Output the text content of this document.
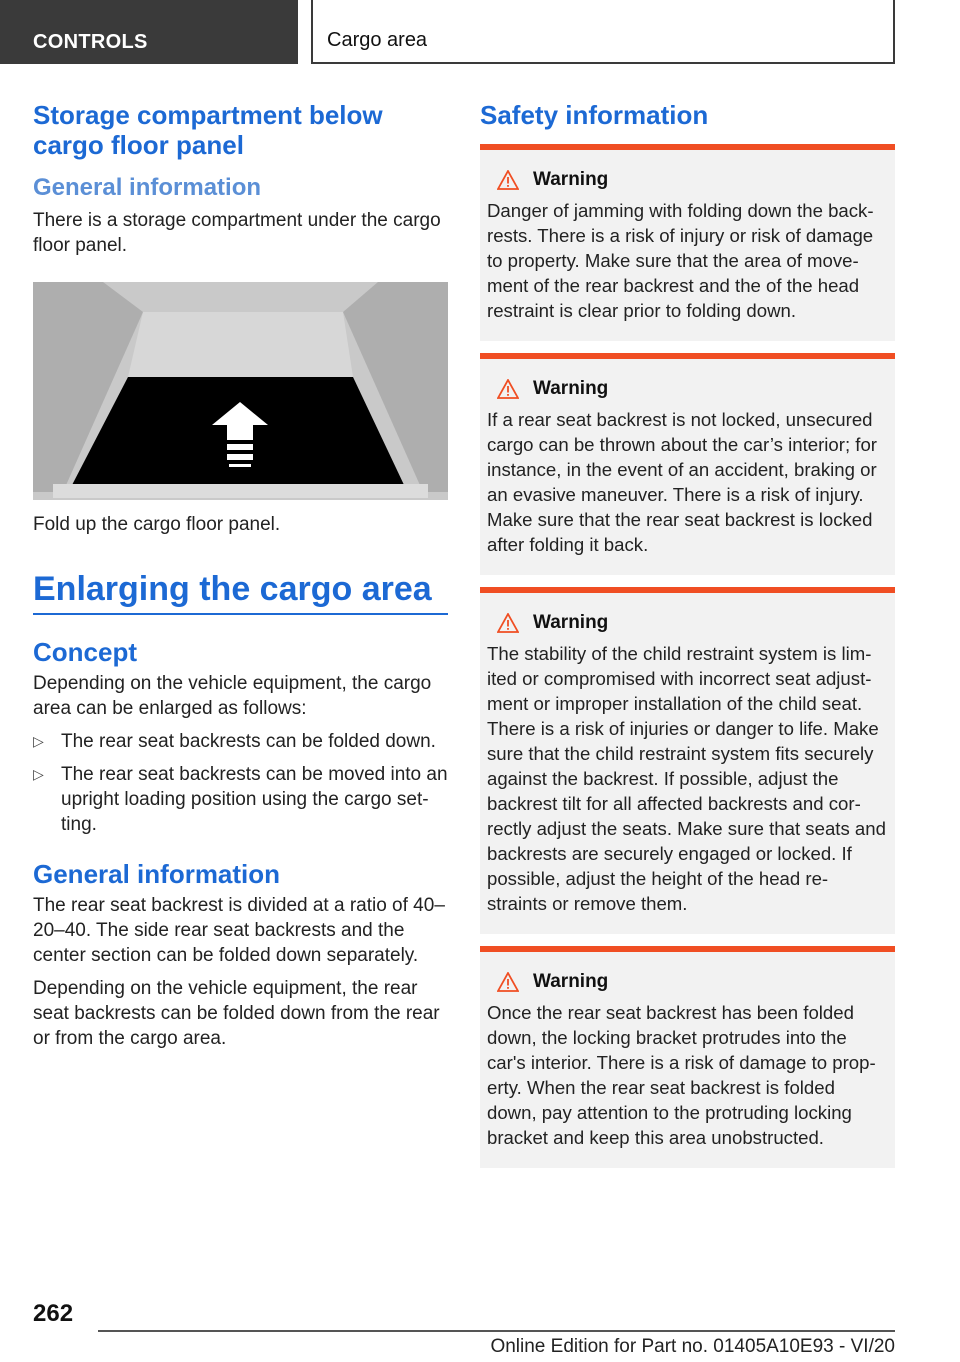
CONTROLS	Cargo area
Storage compartment below cargo floor panel
General information

There is a storage compartment under the cargo floor panel.

Fold up the cargo floor panel.

Enlarging the cargo area
Concept

Depending on the vehicle equipment, the cargo area can be enlarged as follows:

▷ The rear seat backrests can be folded down.
▷ The rear seat backrests can be moved into an upright loading position using the cargo set-ting.
General information

The rear seat backrest is divided at a ratio of 40–20–40. The side rear seat backrests and the center section can be folded down separately.

Depending on the vehicle equipment, the rear seat backrests can be folded down from the rear or from the cargo area.

Safety information
Warning

Danger of jamming with folding down the back-rests. There is a risk of injury or risk of damage to property. Make sure that the area of move-ment of the rear backrest and the of the head restraint is clear prior to folding down.

Warning

If a rear seat backrest is not locked, unsecured cargo can be thrown about the car’s interior; for instance, in the event of an accident, braking or an evasive maneuver. There is a risk of injury. Make sure that the rear seat backrest is locked after folding it back.

Warning

The stability of the child restraint system is lim-ited or compromised with incorrect seat adjust-ment or improper installation of the child seat. There is a risk of injuries or danger to life. Make sure that the child restraint system fits securely against the backrest. If possible, adjust the backrest tilt for all affected backrests and cor-rectly adjust the seats. Make sure that seats and backrests are securely engaged or locked. If possible, adjust the height of the head re-straints or remove them.

Warning

Once the rear seat backrest has been folded down, the locking bracket protrudes into the car's interior. There is a risk of damage to prop-erty. When the rear seat backrest is folded down, pay attention to the protruding locking bracket and keep this area unobstructed.

262
Online Edition for Part no. 01405A10E93 - VI/20
